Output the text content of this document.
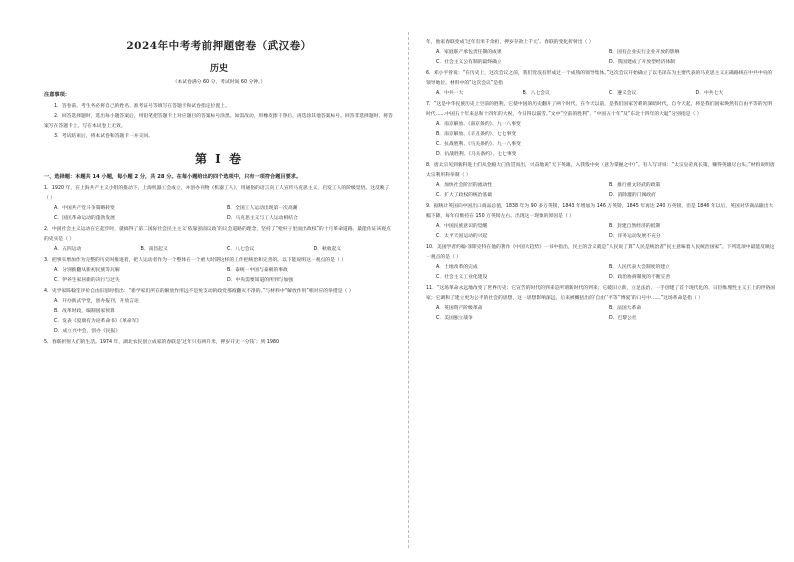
2024年中考考前押题密卷（武汉卷）
历史
（本试卷满分 60 分，考试时间 60 分钟。）
注意事项：

1．答卷前，考生务必将自己的姓名、准考证号等填写在答题卡和试卷指定位置上。

2．回答选择题时，选出每小题答案后，用铅笔把答题卡上对应题目的答案标号涂黑。如需改动，用橡皮擦干净后，再选涂其他答案标号。回答非选择题时，将答案写在答题卡上。写在本试卷上无效。

3．考试结束后，将本试卷和答题卡一并交回。

第 I 卷
一、选择题：本题共 14 小题，每小题 2 分，共 28 分。在每小题给出的四个选项中，只有一项符合题目要求。

1．1920 年，在上海共产主义小组的推动下，上海机器工会成立，并创办刊物《机器工人》，用通俗的语言向工人宣传马克思主义，启发工人的阶级觉悟。这反映了（ ）

A．中国共产党斗争策略转变	B．全国工人运动出现第一次高潮
C．国民革命运动的蓬勃发展	D．马克思主义与工人运动相结合

2．中国社会主义运动在它起步时，就搞得了第二国际社会民主主义‘依靠罢面议政’的议会道路的理念，坚持了“枪杆子里面出政权”的十月革命道路。最能佐证该观点的史实是（ ）

A．五四运动	B．南昌起义	C．八七会议	D．秋收起义

3．把事实增加作为完整的历史叫推进者，把人运动者作为一个整体在一个重大时期这样的工作把统治和完善的。以下能说明这一观点的是（ ）

A．分别推翻从新初民族等瓦解	B．泰统一中国与泰朝的事政
C．伊养生家居新的决行与过失	D．中央需要知道的所到与加强

4．史学家陈翰笙评价自由旧思时指出：“新学家们所在的解放作用远不是免支动的政党那彼翻灭不净的。”与材料中“解放作用”相对应的举措是（ ）

A．开办新式学堂，创办报刊，开放言论
B．改革时政，编制国家预算
C．发表《驳康有为论革命书》《革命军》
D．成立兴中会，创办《民报》

5．春联折射人们的生活。1974 年，湖北农民创立成家的春联是‘过年只有两升米，押岁开无一分钱’；到 1980

年，他家春联变成‘过年有米千余担，押岁存款上千元’。春联的变化折射出（ ）

A．家庭联产承包责任制的成果	B．国有企业实行企业开放的影响
C．社会主义公有制的最终确立	D．我国建成了开放型经济体制

6．邓小平曾说：“在历史上，这次会议之前，我们党没有形成过一个成熟的领导集体。”这次会议开始确立了以毛泽东为主要代表的马克思主义正确路线在中共中央的领导地位。材料中的“这次会议”是指

A．中共一大	B．八七会议	C．遵义会议	D．中共七大

7．“这是中华民族历史上空前的胜利，它使中国的历史翻开了两个时代，在今天以前，是我们国家苦难的深暗时代，自今天起，将是我们国家焕然有自由平等的光明时代……中国五十年来总和十四年的大祝，今日得以湔雪。”文中“空前的胜利”、“中国五十年”及“东北十四年的大耻”分别指是（ ）

A．南京解放、《南京条约》、九一八事变
B．南京解放、《辛丑条约》、七七事变
C．抗战胜利、《马关条约》、九一八事变
D．抗战胜利、《马关条约》、七七事变

8．唐太宗见到新科进士们从金殿大门鱼贯而出，兴奋地说“天下英雄，入我彀中矣（意为掌握之中）”。有人写诗说：“太宗皇帝真长策，赚得英雄尽白头。”材料说明唐太宗利用科举制（ ）

A．加快社会阶层的流动性	B．推行重文轻武的政策
C．扩大了政权的统治基础	D．消除灌的门阀政府

9．据统计英国向中国出口商品总值，1838 年为 90 多万英镑，1843 年增加为 146 万英镑，1845 年再达 240 万英镑，但是 1846 年以后，英国对华商品输出大幅下降，每年仅维持在 150 万英镑左右。出现这一现象的原因是（ ）

A．中国民族意识的觉醒	B．封建自然经济的抵制
C．太平天国运动的兴起	D．洋务运动发展不充分

10．美国学者约翰·菲斯克特在他的著作《中国大趋势》一书中指出，民主的含义就是“人民说了算”人民是统治者“民主意味着人民统治国家”。下列选项中最能反映这一观点的是（ ）

A．土地改革的完成	B．人民代表大会制度的建立
C．社会主义工业化建设	D．政治协商制度的不断完善

11．“这场革命永远地改变了世界历史；它宣告的时代的到来是所谓新时代的到来；它破旧立新，立足法治，一手创建了首个现代化的、日臣维埋性主义王上的世俗国家；它调和了建立更为公平的社会的思想，这一思想影响深远，后来被概括出的‘自由’‘平等’‘博爱’的口号中……”这场革命是指（ ）

A．英国资产阶级革命	B．法国大革命
C．美国独立战争	D．巴黎公社
